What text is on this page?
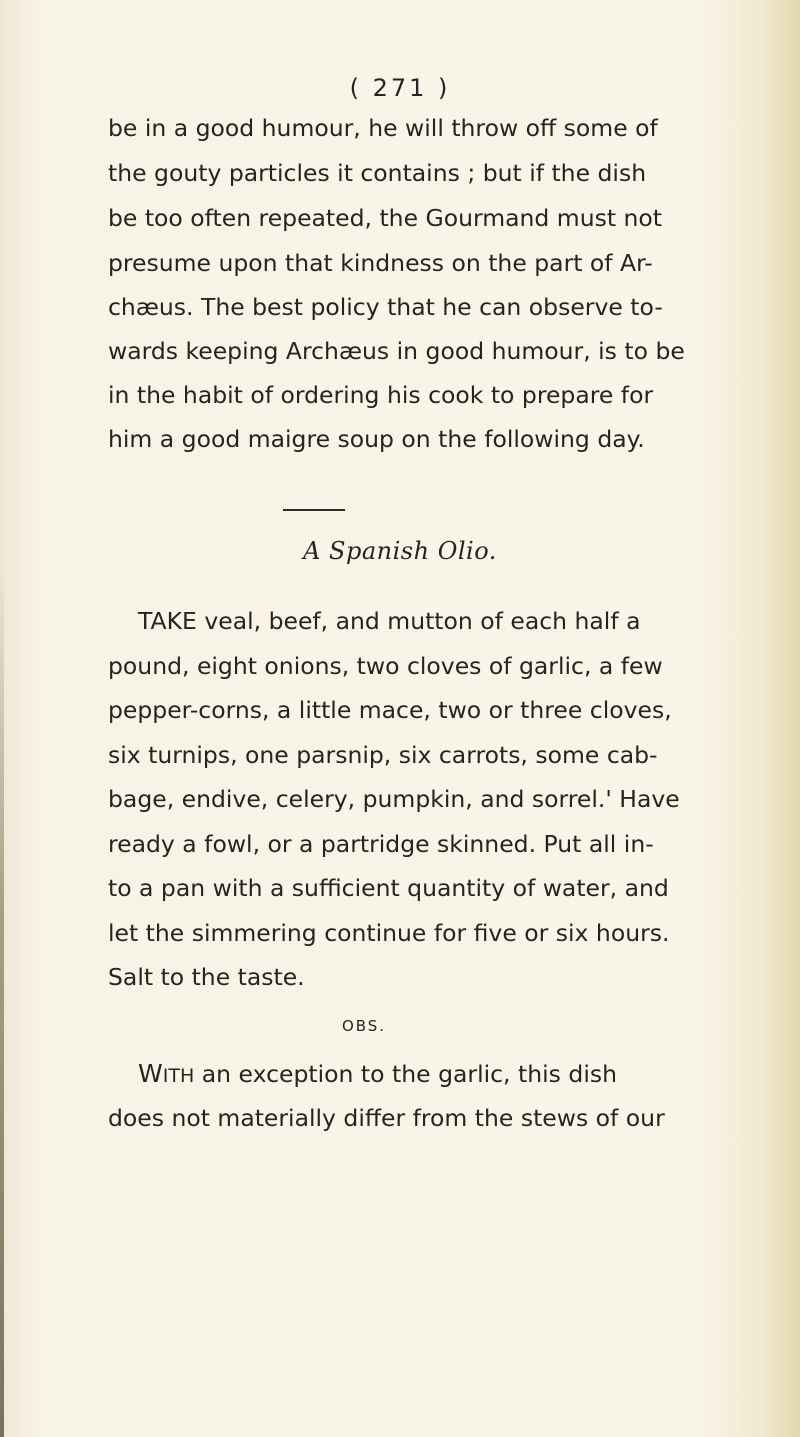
( 271 )
be in a good humour, he will throw off some of
the gouty particles it contains ; but if the dish
be too often repeated, the Gourmand must not
presume upon that kindness on the part of Ar-
chæus. The best policy that he can observe to-
wards keeping Archæus in good humour, is to be
in the habit of ordering his cook to prepare for
him a good maigre soup on the following day.
A Spanish Olio.
TAKE veal, beef, and mutton of each half a
pound, eight onions, two cloves of garlic, a few
pepper-corns, a little mace, two or three cloves,
six turnips, one parsnip, six carrots, some cab-
bage, endive, celery, pumpkin, and sorrel.' Have
ready a fowl, or a partridge skinned. Put all in-
to a pan with a sufficient quantity of water, and
let the simmering continue for five or six hours.
Salt to the taste.
OBS.
WITH an exception to the garlic, this dish
does not materially differ from the stews of our
